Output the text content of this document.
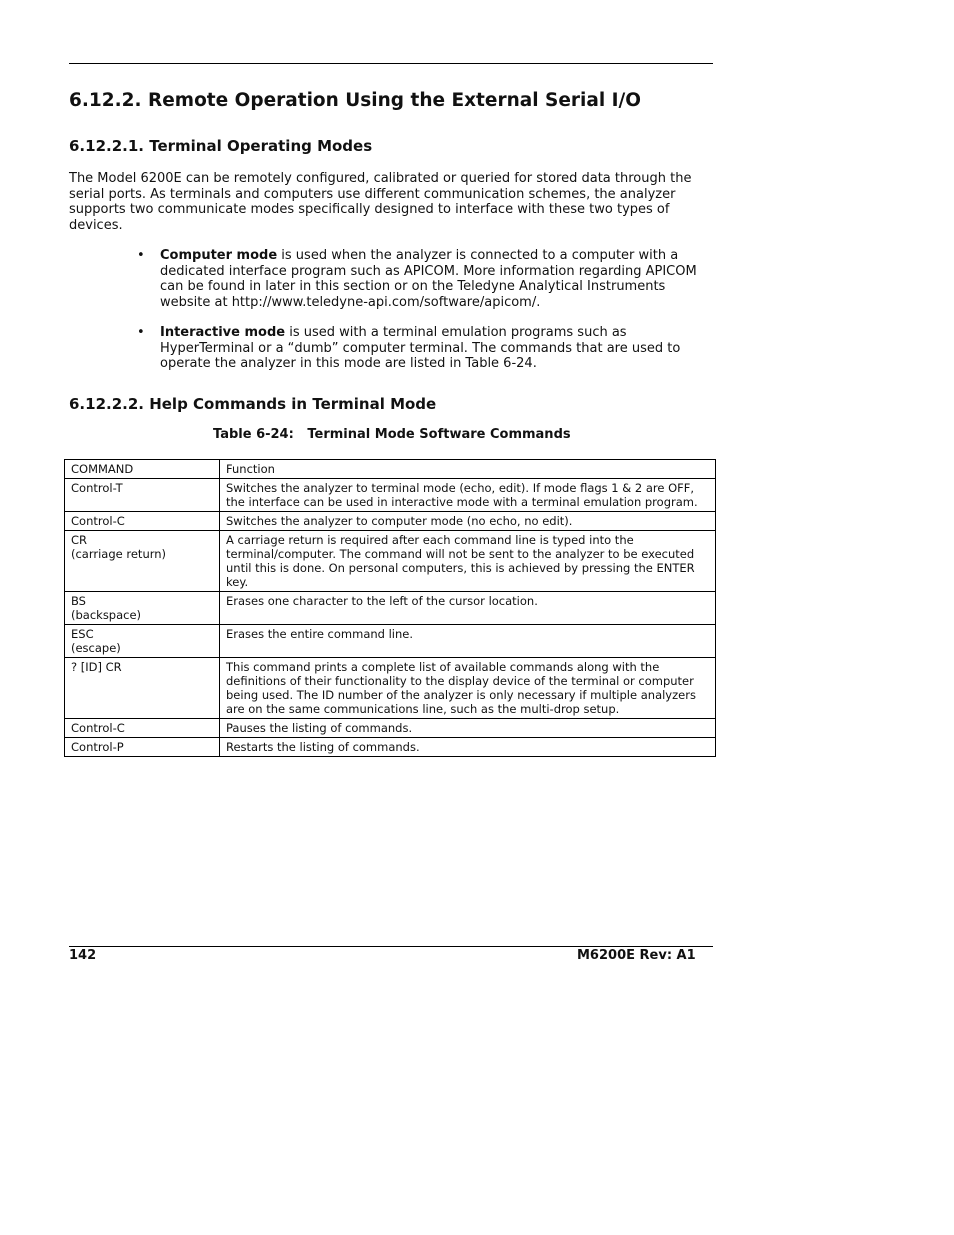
6.12.2. Remote Operation Using the External Serial I/O
6.12.2.1. Terminal Operating Modes

The Model 6200E can be remotely configured, calibrated or queried for stored data through the serial ports. As terminals and computers use different communication schemes, the analyzer supports two communicate modes specifically designed to interface with these two types of devices.

• Computer mode is used when the analyzer is connected to a computer with a dedicated interface program such as APICOM. More information regarding APICOM can be found in later in this section or on the Teledyne Analytical Instruments website at http://www.teledyne-api.com/software/apicom/.
• Interactive mode is used with a terminal emulation programs such as HyperTerminal or a “dumb” computer terminal. The commands that are used to operate the analyzer in this mode are listed in Table 6-24.
6.12.2.2. Help Commands in Terminal Mode
Table 6-24:   Terminal Mode Software Commands
COMMAND	Function

Control-T	Switches the analyzer to terminal mode (echo, edit). If mode flags 1 & 2 are OFF, the interface can be used in interactive mode with a terminal emulation program.

Control-C	Switches the analyzer to computer mode (no echo, no edit).

CR
(carriage return)	A carriage return is required after each command line is typed into the terminal/computer. The command will not be sent to the analyzer to be executed until this is done. On personal computers, this is achieved by pressing the ENTER key.

BS
(backspace)	Erases one character to the left of the cursor location.

ESC
(escape)	Erases the entire command line.

? [ID] CR	This command prints a complete list of available commands along with the definitions of their functionality to the display device of the terminal or computer being used. The ID number of the analyzer is only necessary if multiple analyzers are on the same communications line, such as the multi-drop setup.

Control-C	Pauses the listing of commands.

Control-P	Restarts the listing of commands.
142	M6200E Rev: A1
